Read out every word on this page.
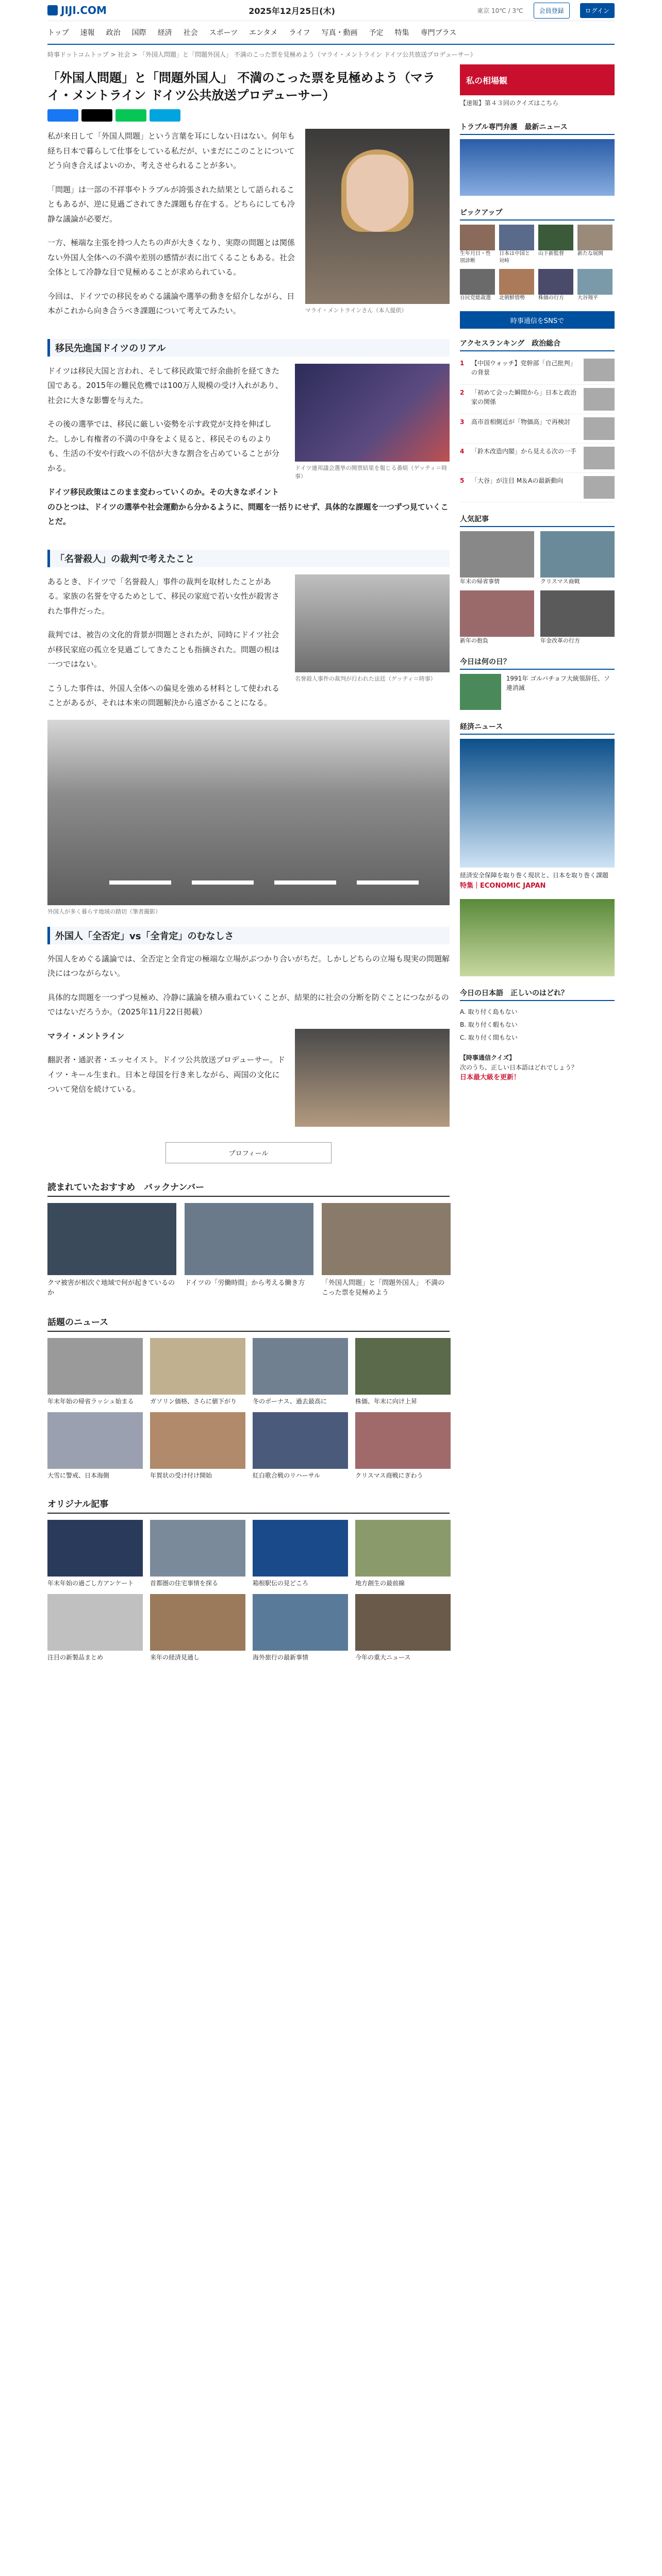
JIJI.COM	2025年12月25日(木)	東京 10℃ / 3℃	会員登録	ログイン
トップ 速報 政治 国際 経済 社会 スポーツ エンタメ ライフ 写真・動画 予定 特集 専門ブラス
時事ドットコムトップ > 社会 > 「外国人問題」と「問題外国人」 不満のこった票を見極めよう（マライ・メントライン ドイツ公共放送プロデューサー）
「外国人問題」と「問題外国人」 不満のこった票を見極めよう（マライ・メントライン ドイツ公共放送プロデューサー）
マライ・メントラインさん（本人提供）

私が来日して「外国人問題」という言葉を耳にしない日はない。何年も経ち日本で暮らして仕事をしている私だが、いまだにこのことについてどう向き合えばよいのか、考えさせられることが多い。

「問題」は一部の不祥事やトラブルが誇張された結果として語られることもあるが、逆に見過ごされてきた課題も存在する。どちらにしても冷静な議論が必要だ。

一方、極端な主張を持つ人たちの声が大きくなり、実際の問題とは関係ない外国人全体への不満や差別の感情が表に出てくることもある。社会全体として冷静な目で見極めることが求められている。

今回は、ドイツでの移民をめぐる議論や選挙の動きを紹介しながら、日本がこれから向き合うべき課題について考えてみたい。

移民先進国ドイツのリアル
ドイツ連邦議会選挙の開票結果を報じる番組（ゲッティ＝時事）

ドイツは移民大国と言われ、そして移民政策で紆余曲折を経てきた国である。2015年の難民危機では100万人規模の受け入れがあり、社会に大きな影響を与えた。

その後の選挙では、移民に厳しい姿勢を示す政党が支持を伸ばした。しかし有権者の不満の中身をよく見ると、移民そのものよりも、生活の不安や行政への不信が大きな割合を占めていることが分かる。

ドイツ移民政策はこのまま変わっていくのか。その大きなポイントのひとつは、ドイツの選挙や社会運動から分かるように、問題を一括りにせず、具体的な課題を一つずつ見ていくことだ。

「名誉殺人」の裁判で考えたこと
名誉殺人事件の裁判が行われた法廷（ゲッティ＝時事）

あるとき、ドイツで「名誉殺人」事件の裁判を取材したことがある。家族の名誉を守るためとして、移民の家庭で若い女性が殺害された事件だった。

裁判では、被告の文化的背景が問題とされたが、同時にドイツ社会が移民家庭の孤立を見過ごしてきたことも指摘された。問題の根は一つではない。

こうした事件は、外国人全体への偏見を強める材料として使われることがあるが、それは本来の問題解決から遠ざかることになる。

外国人が多く暮らす地域の踏切（筆者撮影）
外国人「全否定」vs「全肯定」のむなしさ

外国人をめぐる議論では、全否定と全肯定の極端な立場がぶつかり合いがちだ。しかしどちらの立場も現実の問題解決にはつながらない。

具体的な問題を一つずつ見極め、冷静に議論を積み重ねていくことが、結果的に社会の分断を防ぐことにつながるのではないだろうか。（2025年11月22日掲載）

マライ・メントライン

翻訳者・通訳者・エッセイスト。ドイツ公共放送プロデューサー。ドイツ・キール生まれ。日本と母国を行き来しながら、両国の文化について発信を続けている。

プロフィール
読まれていたおすすめ　バックナンバー
クマ被害が相次ぐ地域で何が起きているのか
ドイツの「労働時間」から考える働き方	「外国人問題」と「問題外国人」 不満のこった票を見極めよう
話題のニュース
年末年始の帰省ラッシュ始まる	ガソリン価格、さらに値下がり	冬のボーナス、過去最高に	株価、年末に向け上昇
大雪に警戒、日本海側	年賀状の受け付け開始	紅白歌合戦のリハーサル	クリスマス商戦にぎわう
オリジナル記事
年末年始の過ごし方アンケート	首都圏の住宅事情を探る	箱根駅伝の見どころ	地方創生の最前線
注目の新製品まとめ	来年の経済見通し	海外旅行の最新事情	今年の重大ニュース
私の相場観
【速報】第４３回のクイズはこちら
トラブル専門弁護　最新ニュース
ピックアップ
生年月日・性別診断
日本は中国と対峙
山下新監督	新たな展開
自民党総裁選	北朝鮮情勢	株価の行方	大谷翔平
時事通信をSNSで
アクセスランキング　政治総合
1	【中国ウォッチ】党幹部「自己批判」の背景
2	「初めて会った瞬間から」日本と政治家の関係
3	高市首相側近が「物価高」で再検討
4	「鈴木改造内閣」から見える次の一手
5	「大谷」が注目 M＆Aの最新動向
人気記事
年末の帰省事情	クリスマス商戦
新年の抱負	年金改革の行方
今日は何の日？
1991年 ゴルバチョフ大統領辞任、ソ連消滅
経済ニュース
経済安全保障を取り巻く現状と、日本を取り巻く課題
特集｜ECONOMIC JAPAN
今日の日本語　正しいのはどれ？
A. 取り付く島もない
B. 取り付く暇もない
C. 取り付く間もない
【時事通信クイズ】
次のうち、正しい日本語はどれでしょう？
日本最大級を更新！
